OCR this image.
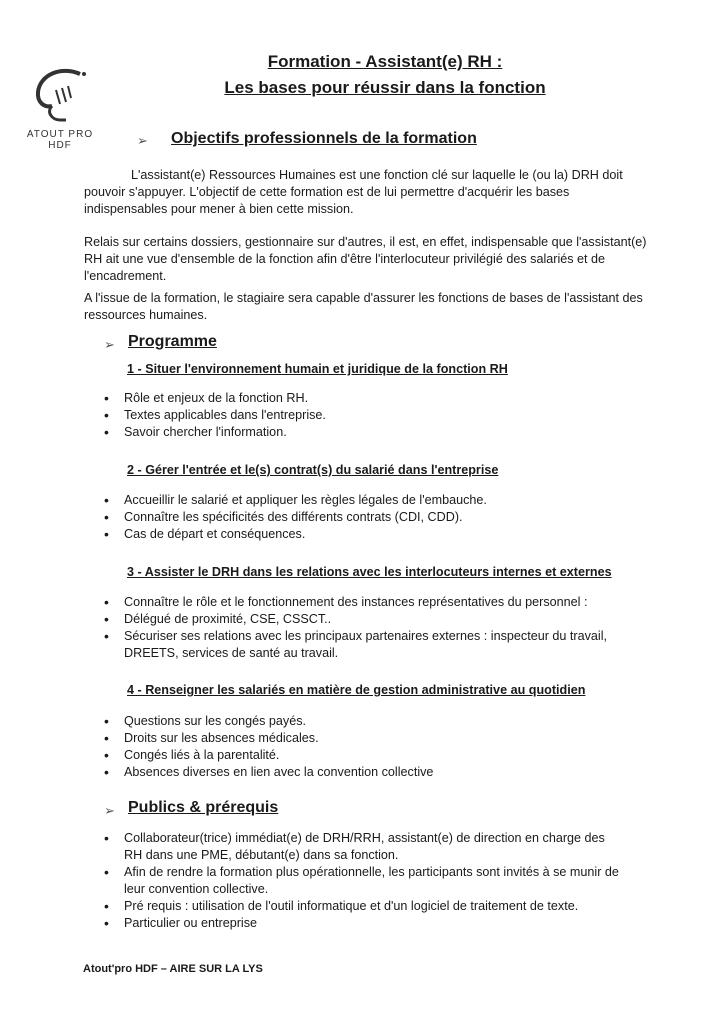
ATOUT PRO
HDF
Formation - Assistant(e) RH :
Les bases pour réussir dans la fonction
➢ Objectifs professionnels de la formation
L'assistant(e) Ressources Humaines est une fonction clé sur laquelle le (ou la) DRH doit
pouvoir s'appuyer. L'objectif de cette formation est de lui permettre d'acquérir les bases
indispensables pour mener à bien cette mission.
Relais sur certains dossiers, gestionnaire sur d'autres, il est, en effet, indispensable que l'assistant(e)
RH ait une vue d'ensemble de la fonction afin d'être l'interlocuteur privilégié des salariés et de
l'encadrement.
A l'issue de la formation, le stagiaire sera capable d'assurer les fonctions de bases de l'assistant des
ressources humaines.
➢ Programme
1 - Situer l'environnement humain et juridique de la fonction RH
• Rôle et enjeux de la fonction RH.
• Textes applicables dans l'entreprise.
• Savoir chercher l'information.
2 - Gérer l'entrée et le(s) contrat(s) du salarié dans l'entreprise
• Accueillir le salarié et appliquer les règles légales de l'embauche.
• Connaître les spécificités des différents contrats (CDI, CDD).
• Cas de départ et conséquences.
3 - Assister le DRH dans les relations avec les interlocuteurs internes et externes
• Connaître le rôle et le fonctionnement des instances représentatives du personnel :
• Délégué de proximité, CSE, CSSCT..
• Sécuriser ses relations avec les principaux partenaires externes : inspecteur du travail, DREETS, services de santé au travail.
4 - Renseigner les salariés en matière de gestion administrative au quotidien
• Questions sur les congés payés.
• Droits sur les absences médicales.
• Congés liés à la parentalité.
• Absences diverses en lien avec la convention collective
➢ Publics & prérequis
• Collaborateur(trice) immédiat(e) de DRH/RRH, assistant(e) de direction en charge des RH dans une PME, débutant(e) dans sa fonction.
• Afin de rendre la formation plus opérationnelle, les participants sont invités à se munir de leur convention collective.
• Pré requis : utilisation de l'outil informatique et d'un logiciel de traitement de texte.
• Particulier ou entreprise
Atout'pro HDF – AIRE SUR LA LYS
